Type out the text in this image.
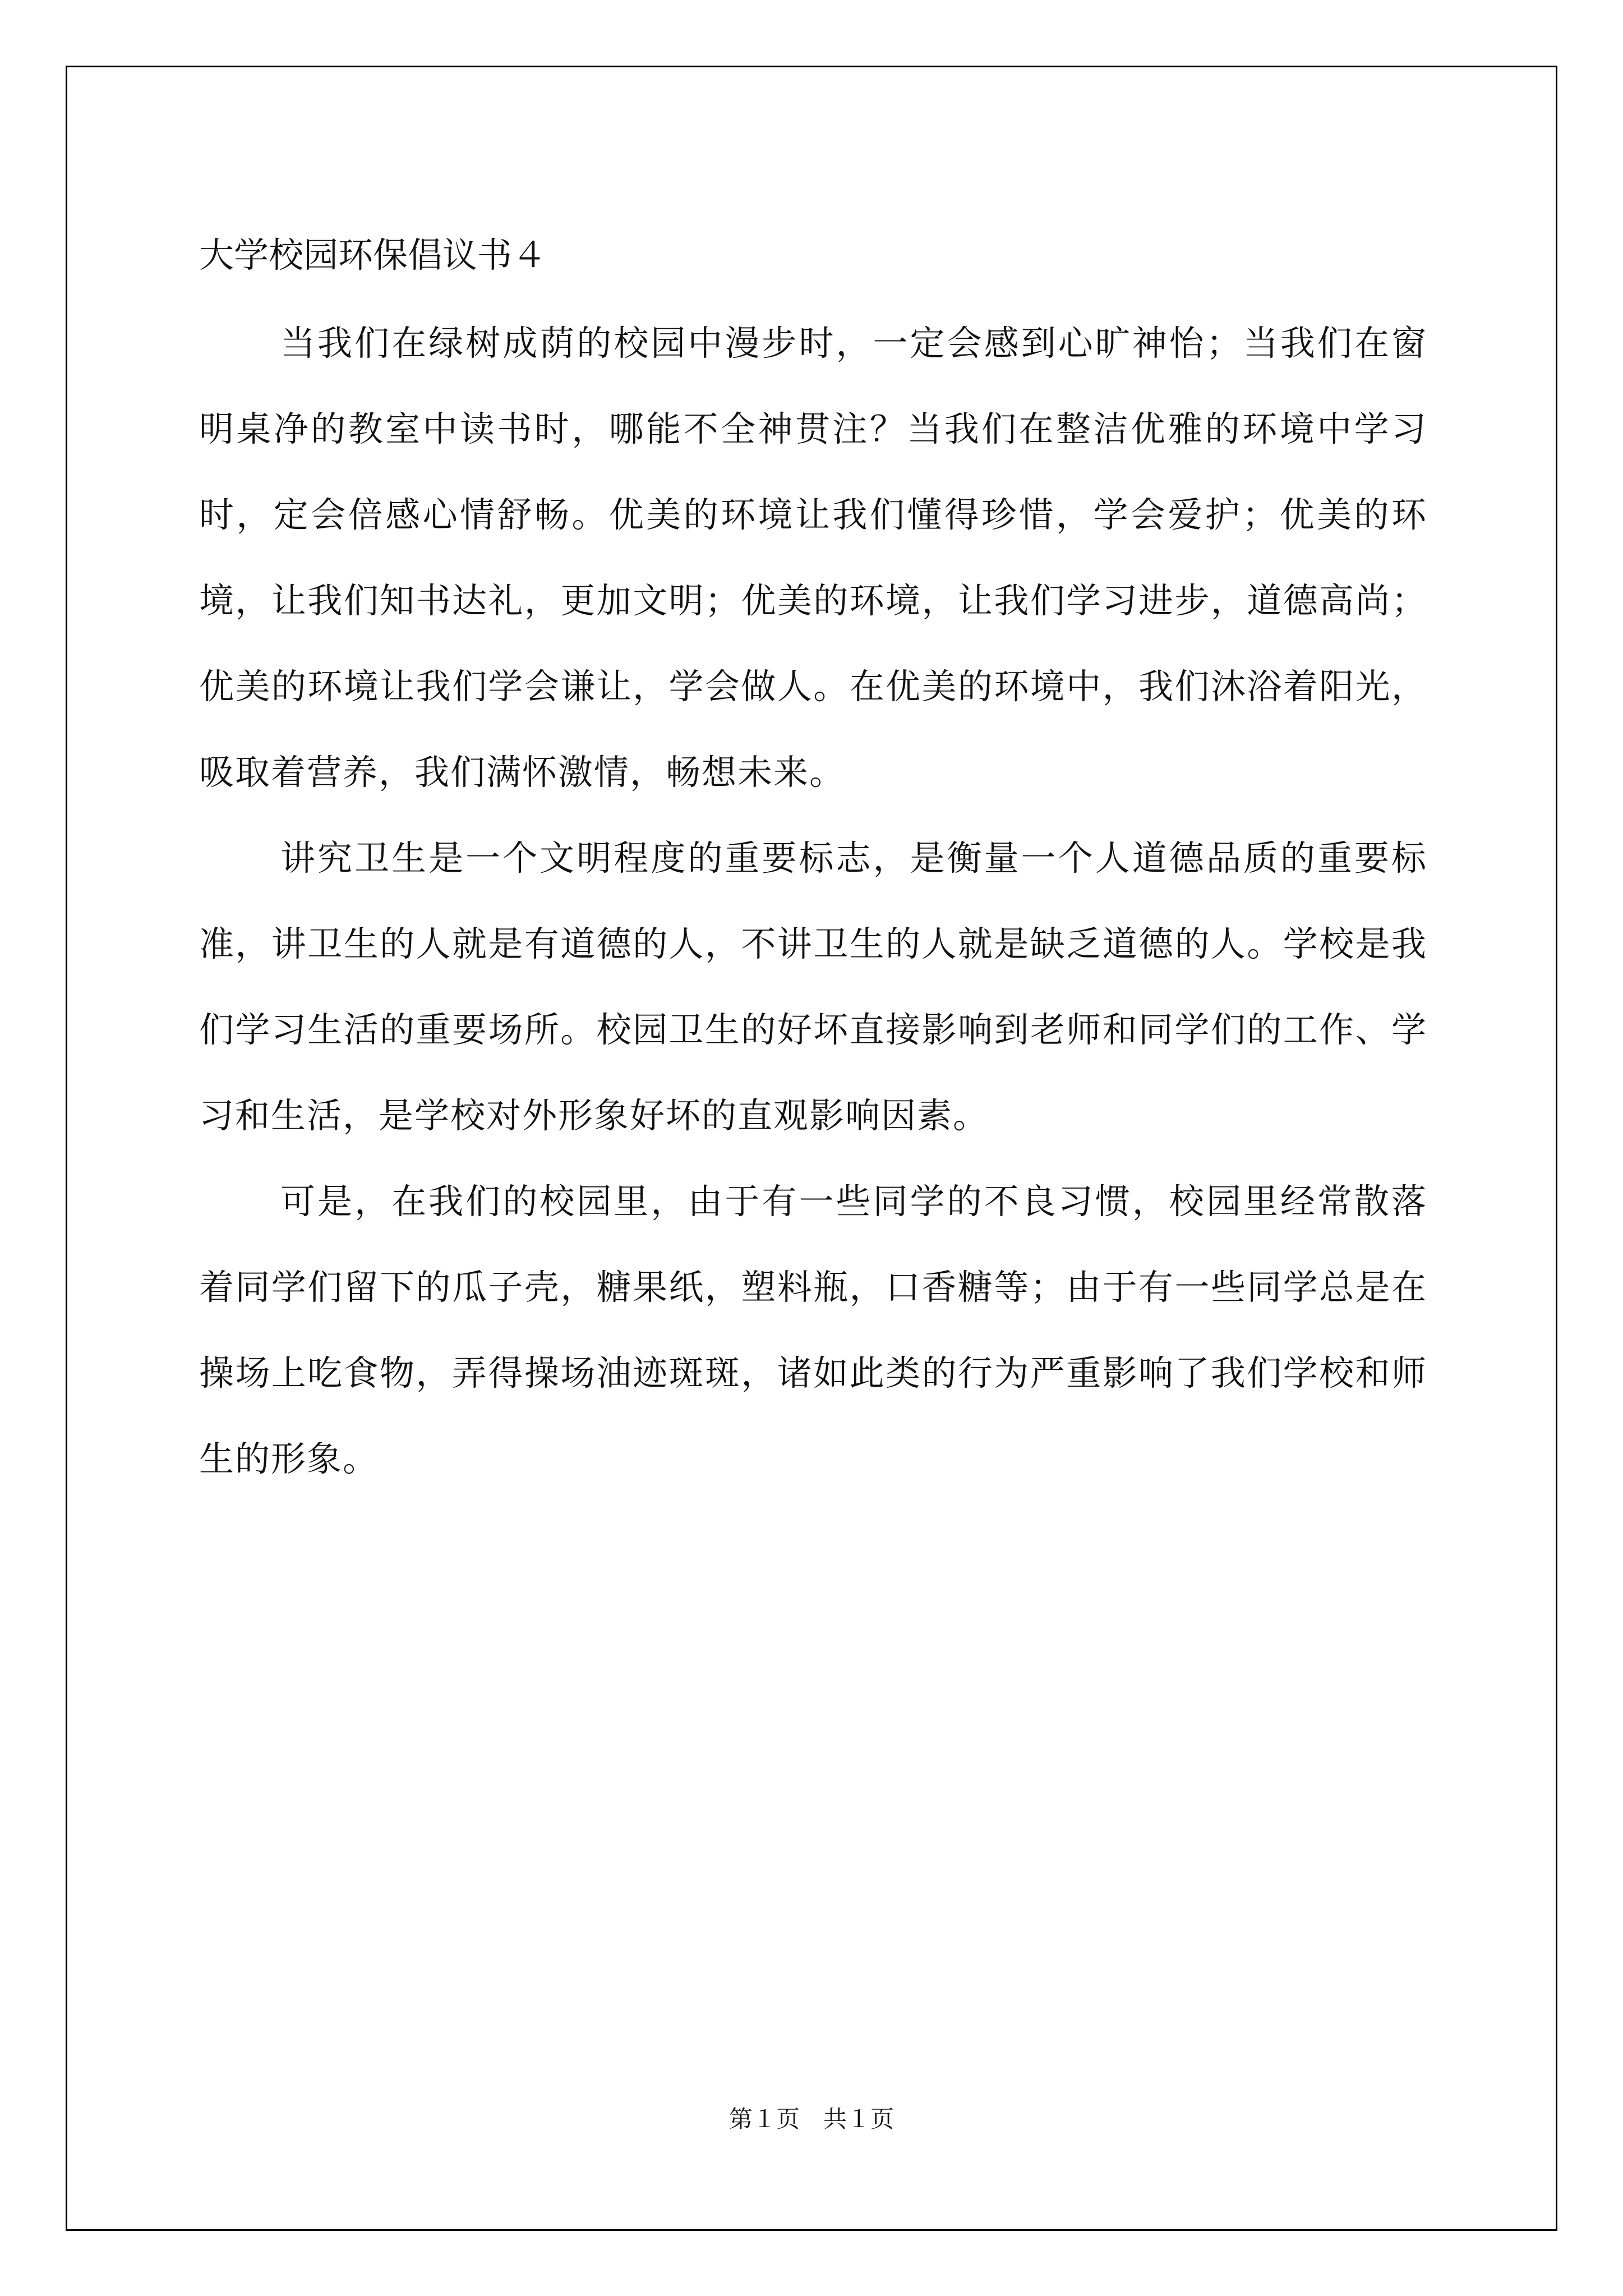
大学校园环保倡议书４

当我们在绿树成荫的校园中漫步时，一定会感到心旷神怡；当我们在窗明桌净的教室中读书时，哪能不全神贯注？当我们在整洁优雅的环境中学习时，定会倍感心情舒畅。优美的环境让我们懂得珍惜，学会爱护；优美的环境，让我们知书达礼，更加文明；优美的环境，让我们学习进步，道德高尚；优美的环境让我们学会谦让，学会做人。在优美的环境中，我们沐浴着阳光，吸取着营养，我们满怀激情，畅想未来。

讲究卫生是一个文明程度的重要标志，是衡量一个人道德品质的重要标准，讲卫生的人就是有道德的人，不讲卫生的人就是缺乏道德的人。学校是我们学习生活的重要场所。校园卫生的好坏直接影响到老师和同学们的工作、学习和生活，是学校对外形象好坏的直观影响因素。

可是，在我们的校园里，由于有一些同学的不良习惯，校园里经常散落着同学们留下的瓜子壳，糖果纸，塑料瓶，口香糖等；由于有一些同学总是在操场上吃食物，弄得操场油迹斑斑，诸如此类的行为严重影响了我们学校和师生的形象。

第１页　共１页
